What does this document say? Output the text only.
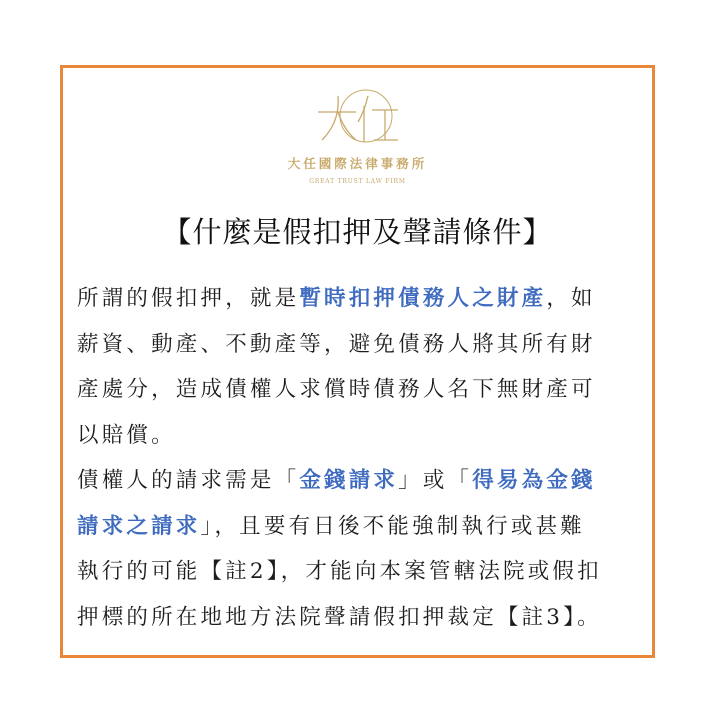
大任國際法律事務所
GREAT TRUST LAW FIRM
【什麼是假扣押及聲請條件】
所謂的假扣押，就是暫時扣押債務人之財產，如
薪資、動產、不動產等，避免債務人將其所有財
產處分，造成債權人求償時債務人名下無財產可
以賠償。
債權人的請求需是「金錢請求」或「得易為金錢
請求之請求」，且要有日後不能強制執行或甚難
執行的可能【註2】，才能向本案管轄法院或假扣
押標的所在地地方法院聲請假扣押裁定【註3】。
